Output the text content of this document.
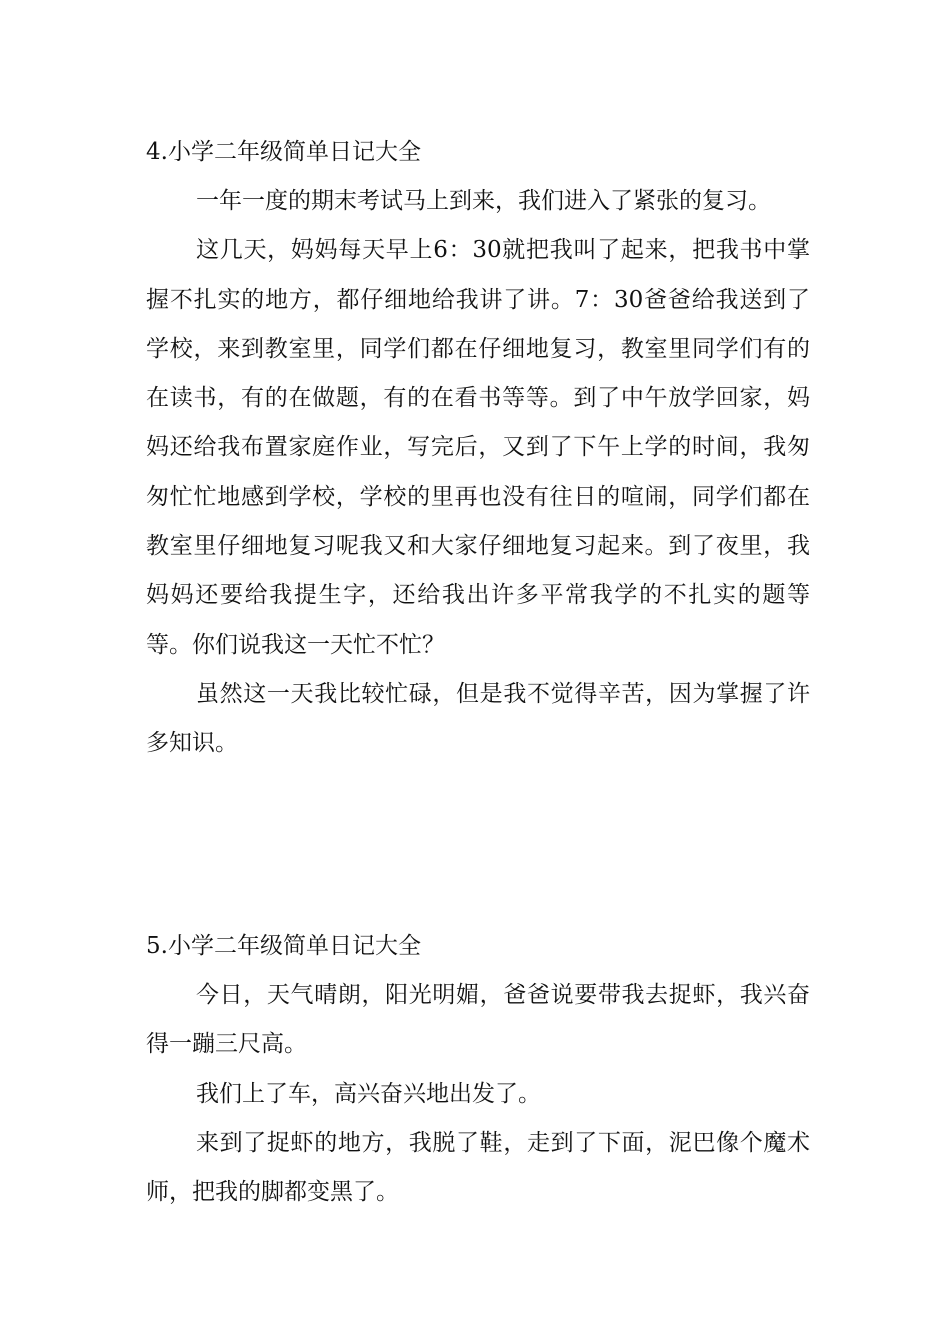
4.小学二年级简单日记大全

一年一度的期末考试马上到来，我们进入了紧张的复习。

这几天，妈妈每天早上6：30就把我叫了起来，把我书中掌握不扎实的地方，都仔细地给我讲了讲。7：30爸爸给我送到了学校，来到教室里，同学们都在仔细地复习，教室里同学们有的在读书，有的在做题，有的在看书等等。到了中午放学回家，妈妈还给我布置家庭作业，写完后，又到了下午上学的时间，我匆匆忙忙地感到学校，学校的里再也没有往日的喧闹，同学们都在教室里仔细地复习呢我又和大家仔细地复习起来。到了夜里，我妈妈还要给我提生字，还给我出许多平常我学的不扎实的题等等。你们说我这一天忙不忙？

虽然这一天我比较忙碌，但是我不觉得辛苦，因为掌握了许多知识。

5.小学二年级简单日记大全

今日，天气晴朗，阳光明媚，爸爸说要带我去捉虾，我兴奋得一蹦三尺高。

我们上了车，高兴奋兴地出发了。

来到了捉虾的地方，我脱了鞋，走到了下面，泥巴像个魔术师，把我的脚都变黑了。
